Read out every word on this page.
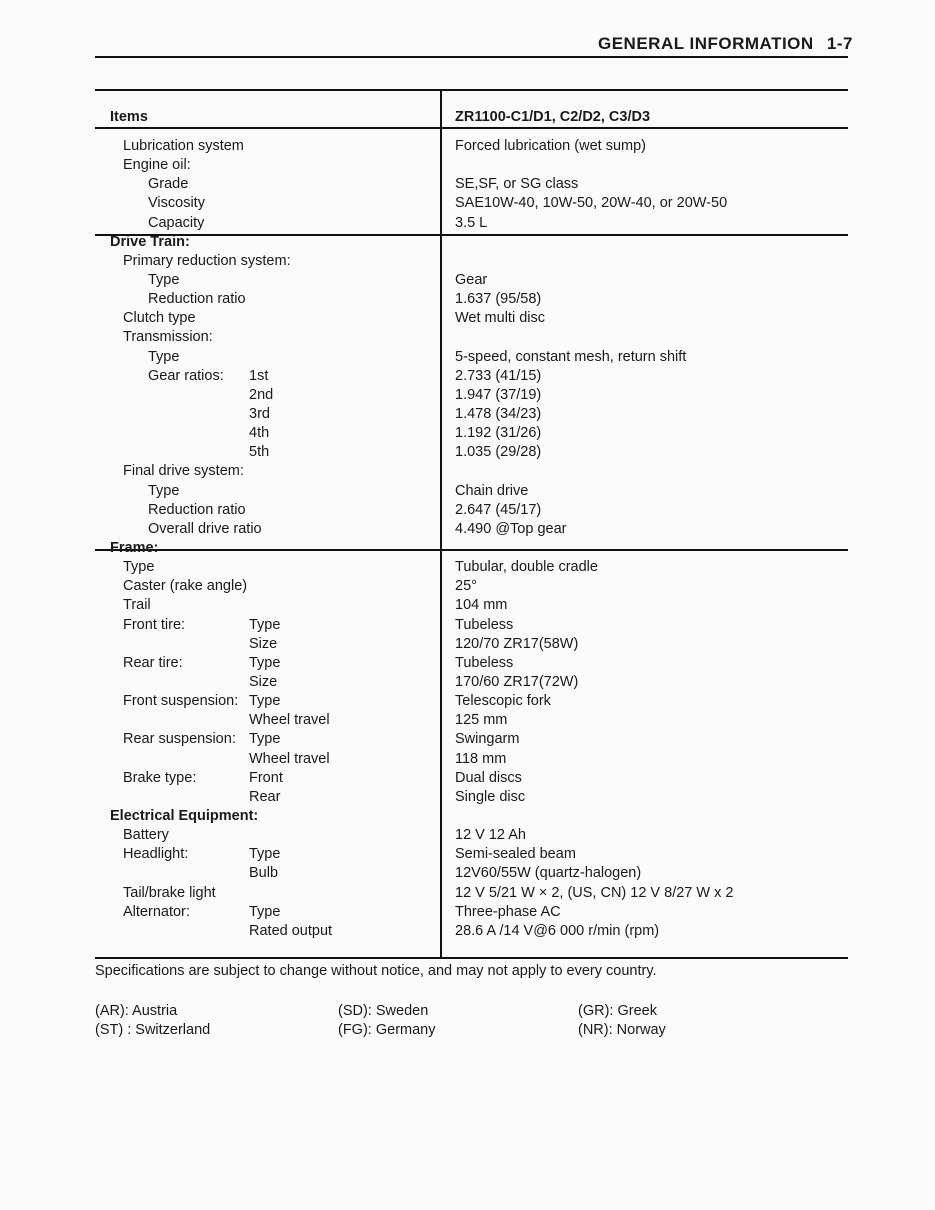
GENERAL INFORMATION 1-7
Items	ZR1100-C1/D1, C2/D2, C3/D3
Lubrication system	Forced lubrication (wet sump)
Engine oil:
Grade	SE,SF, or SG class
Viscosity	SAE10W-40, 10W-50, 20W-40, or 20W-50
Capacity	3.5 L
Drive Train:
Primary reduction system:
Type	Gear
Reduction ratio	1.637 (95/58)
Clutch type	Wet multi disc
Transmission:
Type	5-speed, constant mesh, return shift
Gear ratios: 1st	2.733 (41/15)
2nd	1.947 (37/19)
3rd	1.478 (34/23)
4th	1.192 (31/26)
5th	1.035 (29/28)
Final drive system:
Type	Chain drive
Reduction ratio	2.647 (45/17)
Overall drive ratio	4.490 @Top gear
Frame:
Type	Tubular, double cradle
Caster (rake angle)	25°
Trail	104 mm
Front tire:	Type	Tubeless
Size	120/70 ZR17(58W)
Rear tire:	Type	Tubeless
Size	170/60 ZR17(72W)
Front suspension: Type	Telescopic fork
Wheel travel	125 mm
Rear suspension: Type	Swingarm
Wheel travel	118 mm
Brake type:	Front	Dual discs
Rear	Single disc
Electrical Equipment:
Battery	12 V 12 Ah
Headlight:	Type	Semi-sealed beam
Bulb	12V60/55W (quartz-halogen)
Tail/brake light	12 V 5/21 W × 2, (US, CN) 12 V 8/27 W x 2
Alternator:	Type	Three-phase AC
Rated output	28.6 A /14 V@6 000 r/min (rpm)
Specifications are subject to change without notice, and may not apply to every country.
(AR): Austria	(SD): Sweden	(GR): Greek
(ST) : Switzerland	(FG): Germany	(NR): Norway
